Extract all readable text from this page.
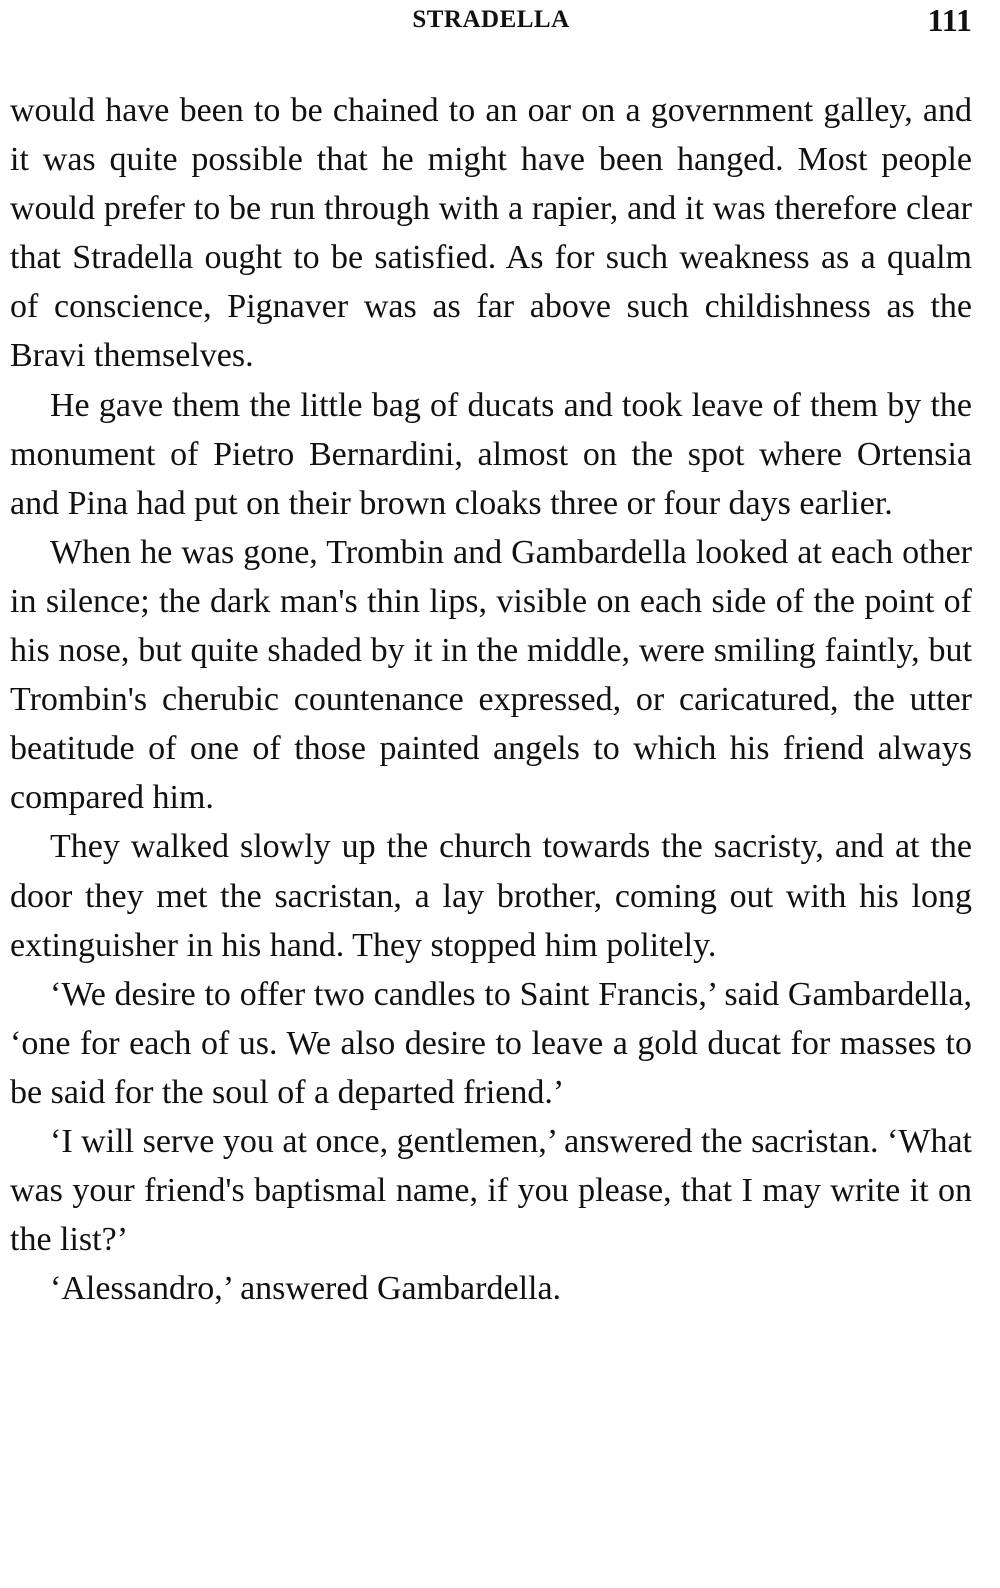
STRADELLA	111

would have been to be chained to an oar on a government galley, and it was quite possible that he might have been hanged. Most people would prefer to be run through with a rapier, and it was therefore clear that Stradella ought to be satisfied. As for such weakness as a qualm of conscience, Pignaver was as far above such childishness as the Bravi themselves.

He gave them the little bag of ducats and took leave of them by the monument of Pietro Bernardini, almost on the spot where Ortensia and Pina had put on their brown cloaks three or four days earlier.

When he was gone, Trombin and Gambardella looked at each other in silence; the dark man's thin lips, visible on each side of the point of his nose, but quite shaded by it in the middle, were smiling faintly, but Trombin's cherubic countenance expressed, or caricatured, the utter beatitude of one of those painted angels to which his friend always compared him.

They walked slowly up the church towards the sacristy, and at the door they met the sacristan, a lay brother, coming out with his long extinguisher in his hand. They stopped him politely.

‘We desire to offer two candles to Saint Francis,’ said Gambardella, ‘one for each of us. We also desire to leave a gold ducat for masses to be said for the soul of a departed friend.’

‘I will serve you at once, gentlemen,’ answered the sacristan. ‘What was your friend's baptismal name, if you please, that I may write it on the list?’

‘Alessandro,’ answered Gambardella.
